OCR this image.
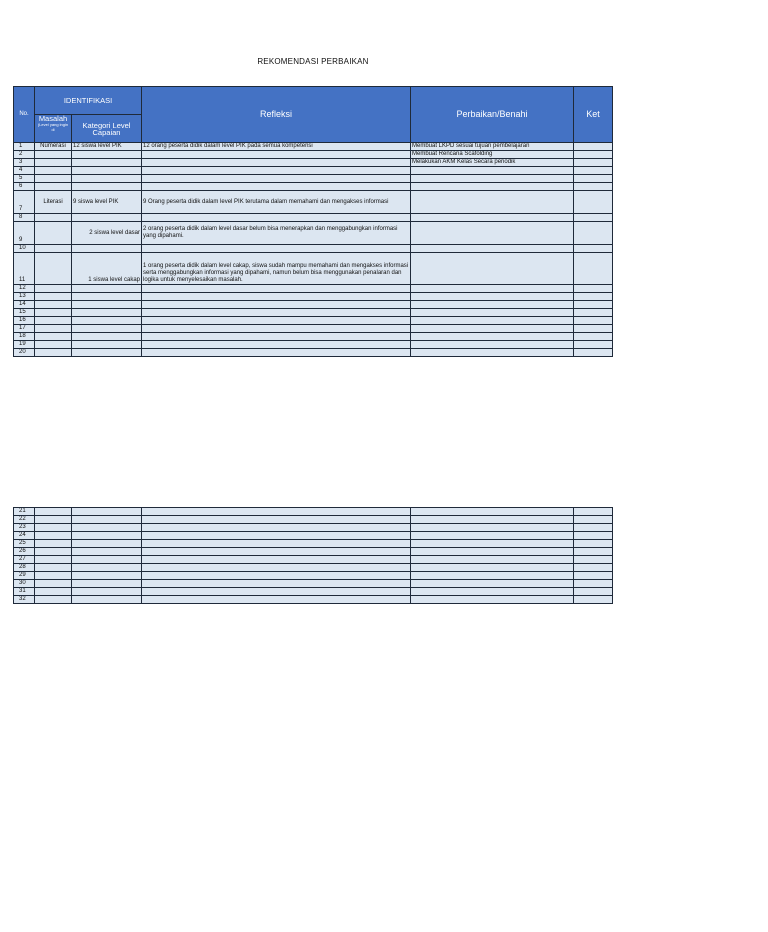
REKOMENDASI PERBAIKAN
No.	IDENTIFIKASI		Refleksi	Perbaikan/Benahi	Ket

	Masalah
(Level yang ingin di	Kategori Level Capaian			

1	Numerasi	12 siswa level PIK	12 orang peserta didik dalam level PIK pada semua kompetensi	Membuat LKPD sesuai tujuan pembelajaran	
2				Membuat Rencana Scafolding	
3				Melakukan AKM Kelas Secara periodik	
4					
5					
6					
7	Literasi	9 siswa level PIK	9 Orang peserta didik dalam level PIK terutama dalam memahami dan mengakses informasi		
8					
9		2 siswa level dasar	2 orang peserta didik dalam level dasar belum bisa menerapkan dan menggabungkan informasi yang dipahami.		
10					
11		1 siswa level cakap	1 orang peserta didik dalam level cakap, siswa sudah mampu memahami dan mengakses informasi serta menggabungkan informasi yang dipahami, namun belum bisa menggunakan penalaran dan logika untuk menyelesaikan masalah.		
12					
13					
14					
15					
16					
17					
18					
19					
20					
21					
22					
23					
24					
25					
26					
27					
28					
29					
30					
31					
32					
